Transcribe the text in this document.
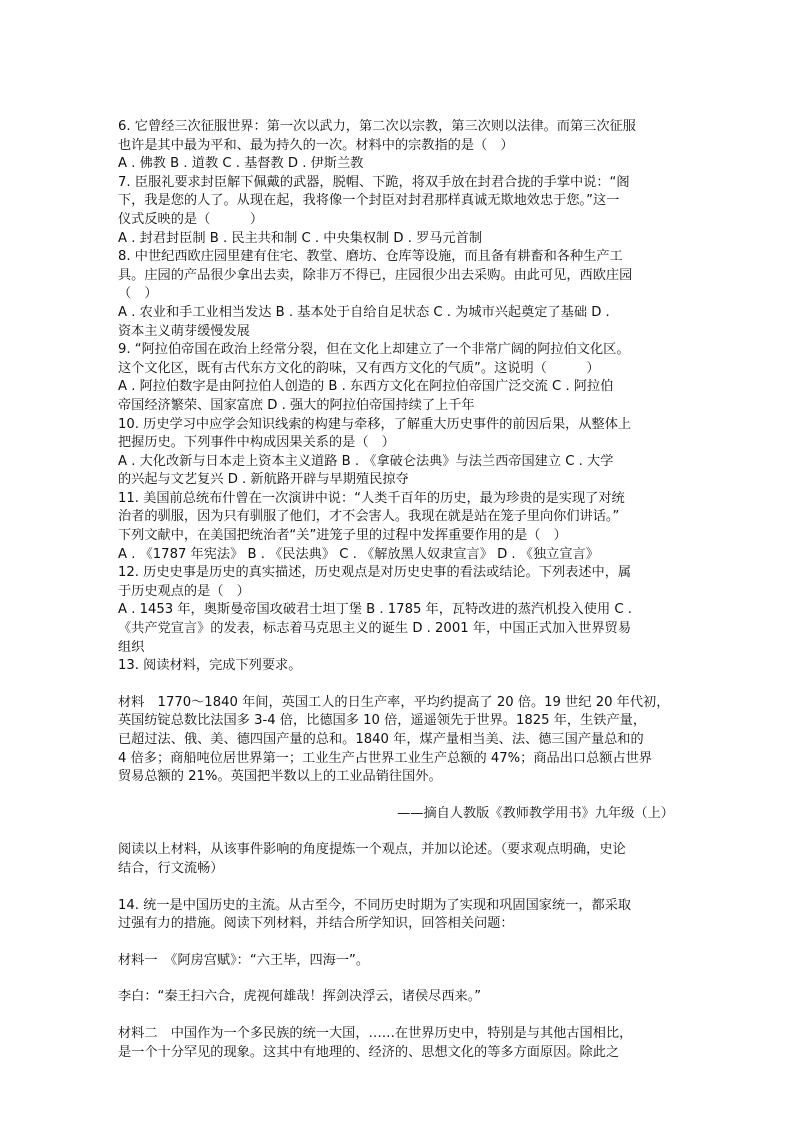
6. 它曾经三次征服世界：第一次以武力，第二次以宗教，第三次则以法律。而第三次征服

也许是其中最为平和、最为持久的一次。材料中的宗教指的是（　）

A . 佛教 B . 道教 C . 基督教 D . 伊斯兰教

7. 臣服礼要求封臣解下佩戴的武器，脱帽、下跪，将双手放在封君合拢的手掌中说：“阁

下，我是您的人了。从现在起，我将像一个封臣对封君那样真诚无欺地效忠于您。”这一

仪式反映的是（　　　）

A . 封君封臣制 B . 民主共和制 C . 中央集权制 D . 罗马元首制

8. 中世纪西欧庄园里建有住宅、教堂、磨坊、仓库等设施，而且备有耕畜和各种生产工

具。庄园的产品很少拿出去卖，除非万不得已，庄园很少出去采购。由此可见，西欧庄园

（　）

A . 农业和手工业相当发达 B . 基本处于自给自足状态 C . 为城市兴起奠定了基础 D .

资本主义萌芽缓慢发展

9. “阿拉伯帝国在政治上经常分裂，但在文化上却建立了一个非常广阔的阿拉伯文化区。

这个文化区，既有古代东方文化的韵味，又有西方文化的气质”。这说明（　　　）

A . 阿拉伯数字是由阿拉伯人创造的 B . 东西方文化在阿拉伯帝国广泛交流 C . 阿拉伯

帝国经济繁荣、国家富庶 D . 强大的阿拉伯帝国持续了上千年

10. 历史学习中应学会知识线索的构建与牵移，了解重大历史事件的前因后果，从整体上

把握历史。下列事件中构成因果关系的是（　）

A . 大化改新与日本走上资本主义道路 B . 《拿破仑法典》与法兰西帝国建立 C . 大学

的兴起与文艺复兴 D . 新航路开辟与早期殖民掠夺

11. 美国前总统布什曾在一次演讲中说：“人类千百年的历史，最为珍贵的是实现了对统

治者的驯服，因为只有驯服了他们，才不会害人。我现在就是站在笼子里向你们讲话。”

下列文献中，在美国把统治者“关”进笼子里的过程中发挥重要作用的是（　）

A . 《1787 年宪法》 B . 《民法典》 C . 《解放黑人奴隶宣言》 D . 《独立宣言》

12. 历史史事是历史的真实描述，历史观点是对历史史事的看法或结论。下列表述中，属

于历史观点的是（　）

A . 1453 年，奥斯曼帝国攻破君士坦丁堡 B . 1785 年，瓦特改进的蒸汽机投入使用 C .

《共产党宣言》的发表，标志着马克思主义的诞生 D . 2001 年，中国正式加入世界贸易

组织

13. 阅读材料，完成下列要求。

材料　1770～1840 年间，英国工人的日生产率，平均约提高了 20 倍。19 世纪 20 年代初，

英国纺锭总数比法国多 3-4 倍，比德国多 10 倍，遥遥领先于世界。1825 年，生铁产量，

已超过法、俄、美、德四国产量的总和。1840 年，煤产量相当美、法、德三国产量总和的

4 倍多；商船吨位居世界第一；工业生产占世界工业生产总额的 47%；商品出口总额占世界

贸易总额的 21%。英国把半数以上的工业品销往国外。

——摘自人教版《教师教学用书》九年级（上）

阅读以上材料，从该事件影响的角度提炼一个观点，并加以论述。（要求观点明确，史论

结合，行文流畅）

14. 统一是中国历史的主流。从古至今，不同历史时期为了实现和巩固国家统一，都采取

过强有力的措施。阅读下列材料，并结合所学知识，回答相关问题：

材料一　《阿房宫赋》：“六王毕，四海一”。

李白：“秦王扫六合，虎视何雄哉！挥剑决浮云，诸侯尽西来。”

材料二　中国作为一个多民族的统一大国，……在世界历史中，特别是与其他古国相比，

是一个十分罕见的现象。这其中有地理的、经济的、思想文化的等多方面原因。除此之
